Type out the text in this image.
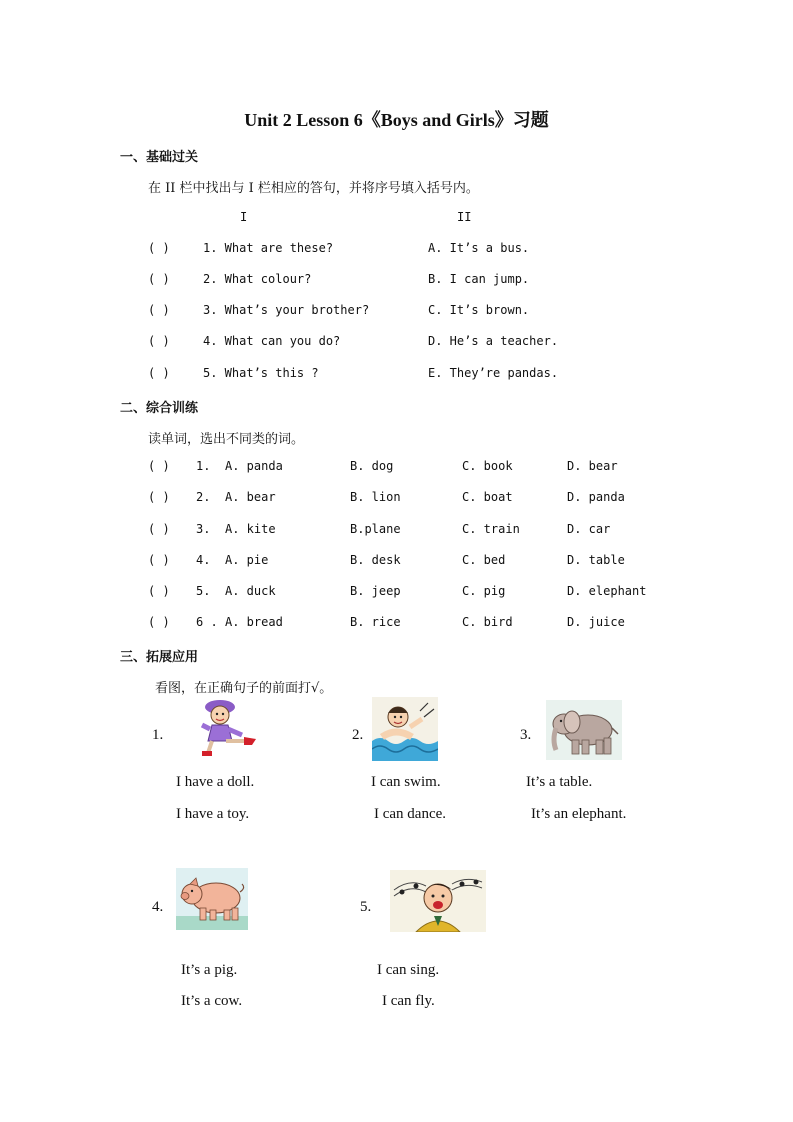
Unit 2 Lesson 6《Boys and Girls》习题
一、基础过关
在 II 栏中找出与 I 栏相应的答句，并将序号填入括号内。
I	II
( )	1. What are these?	A. It’s a bus.
( )	2. What colour?	B. I can jump.
( )	3. What’s your brother?	C. It’s brown.
( )	4. What can you do?	D. He’s a teacher.
( )	5. What’s this ?	E. They’re pandas.
二、综合训练
读单词，选出不同类的词。
( ) 1. A. panda	B. dog	C. book	D. bear
( ) 2. A. bear	B. lion	C. boat	D. panda
( ) 3. A. kite	B.plane	C. train	D. car
( ) 4. A. pie	B. desk	C. bed	D. table
( ) 5. A. duck	B. jeep	C. pig	D. elephant
( ) 6 . A. bread	B. rice	C. bird	D. juice
三、拓展应用
看图，在正确句子的前面打√。
1.
I have a doll.
I have a toy.
2.
I can swim.
I can dance.
3.
It’s a table.
It’s an elephant.
4.
It’s a pig.
It’s a cow.
5.
I can sing.
I can fly.
